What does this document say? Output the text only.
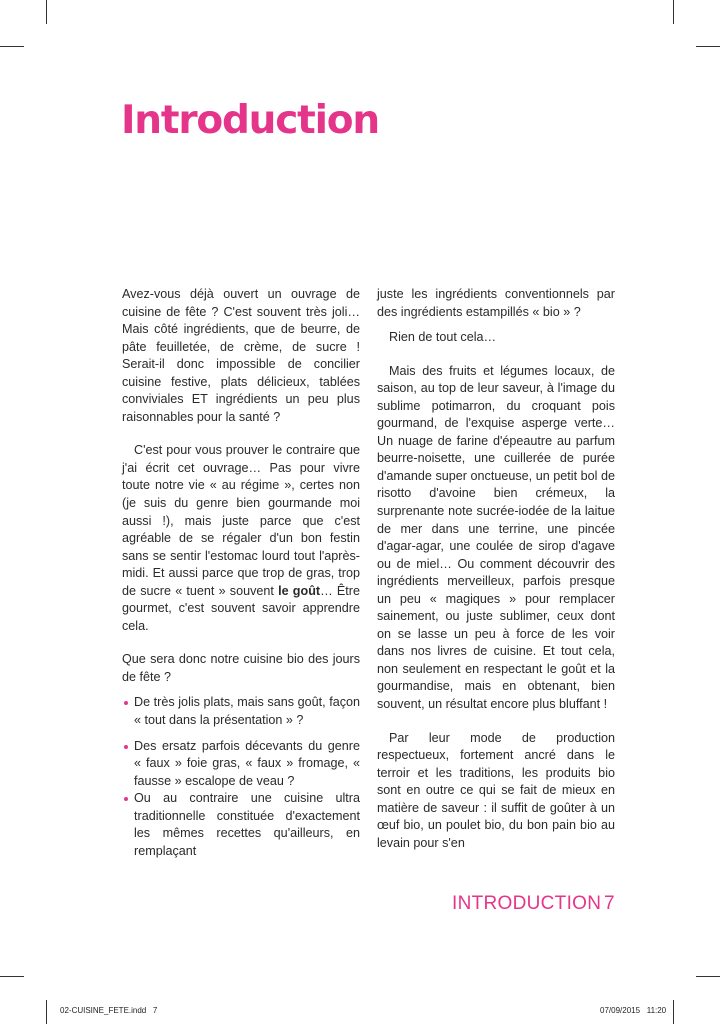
Introduction

Avez-vous déjà ouvert un ouvrage de cuisine de fête ? C'est souvent très joli… Mais côté ingrédients, que de beurre, de pâte feuilletée, de crème, de sucre ! Serait-il donc impossible de concilier cuisine festive, plats délicieux, tablées conviviales ET ingrédients un peu plus raisonnables pour la santé ?

C'est pour vous prouver le contraire que j'ai écrit cet ouvrage… Pas pour vivre toute notre vie « au régime », certes non (je suis du genre bien gourmande moi aussi !), mais juste parce que c'est agréable de se régaler d'un bon festin sans se sentir l'estomac lourd tout l'après-midi. Et aussi parce que trop de gras, trop de sucre « tuent » souvent le goût… Être gourmet, c'est souvent savoir apprendre cela.

Que sera donc notre cuisine bio des jours de fête ?

De très jolis plats, mais sans goût, façon « tout dans la présentation » ?
Des ersatz parfois décevants du genre « faux » foie gras, « faux » fromage, « fausse » escalope de veau ?
Ou au contraire une cuisine ultra traditionnelle constituée d'exactement les mêmes recettes qu'ailleurs, en remplaçant

juste les ingrédients conventionnels par des ingrédients estampillés « bio » ?

Rien de tout cela…

Mais des fruits et légumes locaux, de saison, au top de leur saveur, à l'image du sublime potimarron, du croquant pois gourmand, de l'exquise asperge verte… Un nuage de farine d'épeautre au parfum beurre-noisette, une cuillerée de purée d'amande super onctueuse, un petit bol de risotto d'avoine bien crémeux, la surprenante note sucrée-iodée de la laitue de mer dans une terrine, une pincée d'agar-agar, une coulée de sirop d'agave ou de miel… Ou comment découvrir des ingrédients merveilleux, parfois presque un peu « magiques » pour remplacer sainement, ou juste sublimer, ceux dont on se lasse un peu à force de les voir dans nos livres de cuisine. Et tout cela, non seulement en respectant le goût et la gourmandise, mais en obtenant, bien souvent, un résultat encore plus bluffant !

Par leur mode de production respectueux, fortement ancré dans le terroir et les traditions, les produits bio sont en outre ce qui se fait de mieux en matière de saveur : il suffit de goûter à un œuf bio, un poulet bio, du bon pain bio au levain pour s'en

INTRODUCTION 7
02-CUISINE_FETE.indd   7	07/09/2015   11:20
